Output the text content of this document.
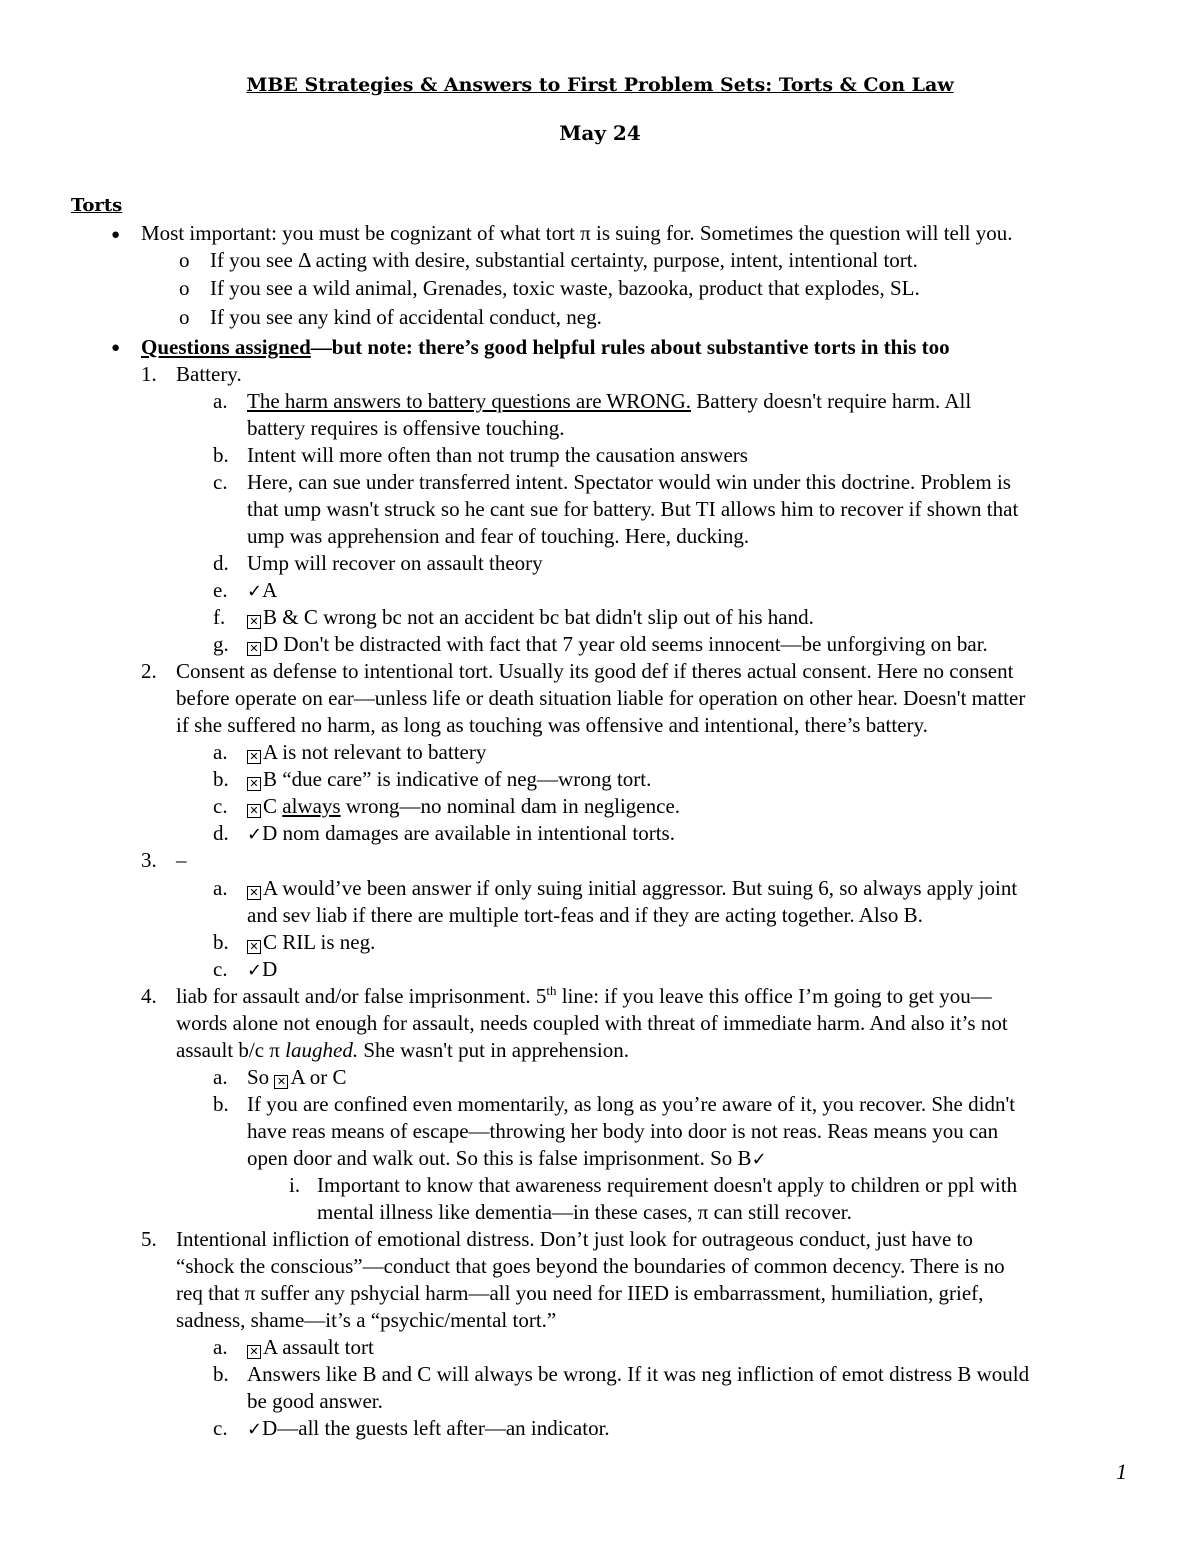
MBE Strategies & Answers to First Problem Sets: Torts & Con Law
May 24
Torts
● Most important: you must be cognizant of what tort π is suing for. Sometimes the question will tell you.
o If you see Δ acting with desire, substantial certainty, purpose, intent, intentional tort.
o If you see a wild animal, Grenades, toxic waste, bazooka, product that explodes, SL.
o If you see any kind of accidental conduct, neg.
● Questions assigned—but note: there’s good helpful rules about substantive torts in this too
1. Battery.
a. The harm answers to battery questions are WRONG. Battery doesn't require harm. All
battery requires is offensive touching.
b. Intent will more often than not trump the causation answers
c. Here, can sue under transferred intent. Spectator would win under this doctrine. Problem is
that ump wasn't struck so he cant sue for battery. But TI allows him to recover if shown that
ump was apprehension and fear of touching. Here, ducking.
d. Ump will recover on assault theory
e. ✓A
f. ✕	B & C wrong bc not an accident bc bat didn't slip out of his hand.
g. ✕	D Don't be distracted with fact that 7 year old seems innocent—be unforgiving on bar.
2. Consent as defense to intentional tort. Usually its good def if theres actual consent. Here no consent
before operate on ear—unless life or death situation liable for operation on other hear. Doesn't matter
if she suffered no harm, as long as touching was offensive and intentional, there’s battery.
a. ✕	A is not relevant to battery
b. ✕	B “due care” is indicative of neg—wrong tort.
c. ✕	C always wrong—no nominal dam in negligence.
d. ✓D nom damages are available in intentional torts.
3. –
a. ✕	A would’ve been answer if only suing initial aggressor. But suing 6, so always apply joint
and sev liab if there are multiple tort-feas and if they are acting together. Also B.
b. ✕	C RIL is neg.
c. ✓D
4. liab for assault and/or false imprisonment. 5th line: if you leave this office I’m going to get you—
words alone not enough for assault, needs coupled with threat of immediate harm. And also it’s not
assault b/c π laughed. She wasn't put in apprehension.
a. So ✕A or C
b. If you are confined even momentarily, as long as you’re aware of it, you recover. She didn't
have reas means of escape—throwing her body into door is not reas. Reas means you can
open door and walk out. So this is false imprisonment. So B✓
i. Important to know that awareness requirement doesn't apply to children or ppl with
mental illness like dementia—in these cases, π can still recover.
5. Intentional infliction of emotional distress. Don’t just look for outrageous conduct, just have to
“shock the conscious”—conduct that goes beyond the boundaries of common decency. There is no
req that π suffer any pshycial harm—all you need for IIED is embarrassment, humiliation, grief,
sadness, shame—it’s a “psychic/mental tort.”
a. ✕	A assault tort
b. Answers like B and C will always be wrong. If it was neg infliction of emot distress B would
be good answer.
c. ✓D—all the guests left after—an indicator.
1
